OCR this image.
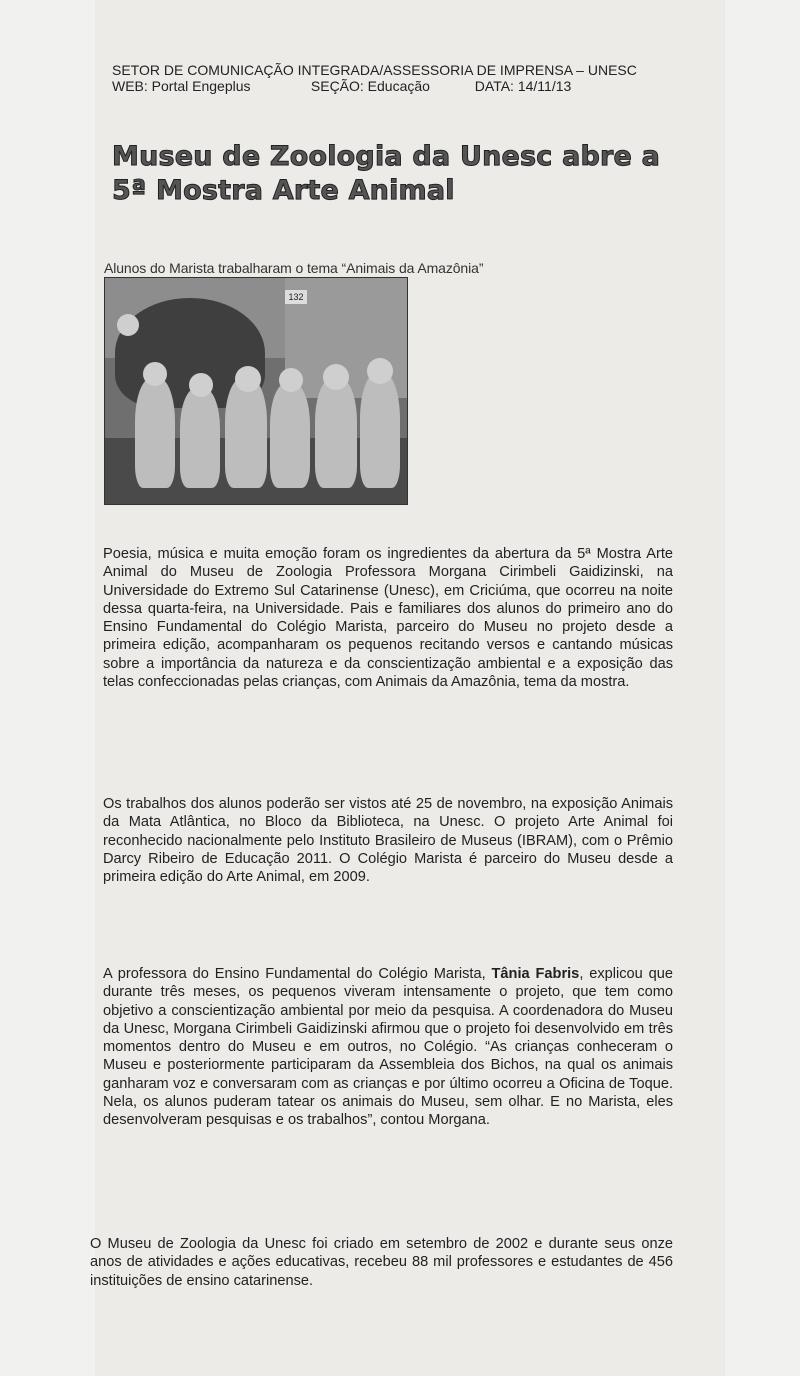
SETOR DE COMUNICAÇÃO INTEGRADA/ASSESSORIA DE IMPRENSA – UNESC
WEB: Portal Engeplus	SEÇÃO: Educação	DATA: 14/11/13
Museu de Zoologia da Unesc abre a 5ª Mostra Arte Animal
Alunos do Marista trabalharam o tema “Animais da Amazônia”
132

Poesia, música e muita emoção foram os ingredientes da abertura da 5ª Mostra Arte Animal do Museu de Zoologia Professora Morgana Cirimbeli Gaidizinski, na Universidade do Extremo Sul Catarinense (Unesc), em Criciúma, que ocorreu na noite dessa quarta-feira, na Universidade. Pais e familiares dos alunos do primeiro ano do Ensino Fundamental do Colégio Marista, parceiro do Museu no projeto desde a primeira edição, acompanharam os pequenos recitando versos e cantando músicas sobre a importância da natureza e da conscientização ambiental e a exposição das telas confeccionadas pelas crianças, com Animais da Amazônia, tema da mostra.

Os trabalhos dos alunos poderão ser vistos até 25 de novembro, na exposição Animais da Mata Atlântica, no Bloco da Biblioteca, na Unesc. O projeto Arte Animal foi reconhecido nacionalmente pelo Instituto Brasileiro de Museus (IBRAM), com o Prêmio Darcy Ribeiro de Educação 2011. O Colégio Marista é parceiro do Museu desde a primeira edição do Arte Animal, em 2009.

A professora do Ensino Fundamental do Colégio Marista, Tânia Fabris, explicou que durante três meses, os pequenos viveram intensamente o projeto, que tem como objetivo a conscientização ambiental por meio da pesquisa. A coordenadora do Museu da Unesc, Morgana Cirimbeli Gaidizinski afirmou que o projeto foi desenvolvido em três momentos dentro do Museu e em outros, no Colégio. “As crianças conheceram o Museu e posteriormente participaram da Assembleia dos Bichos, na qual os animais ganharam voz e conversaram com as crianças e por último ocorreu a Oficina de Toque. Nela, os alunos puderam tatear os animais do Museu, sem olhar. E no Marista, eles desenvolveram pesquisas e os trabalhos”, contou Morgana.

O Museu de Zoologia da Unesc foi criado em setembro de 2002 e durante seus onze anos de atividades e ações educativas, recebeu 88 mil professores e estudantes de 456 instituições de ensino catarinense.
